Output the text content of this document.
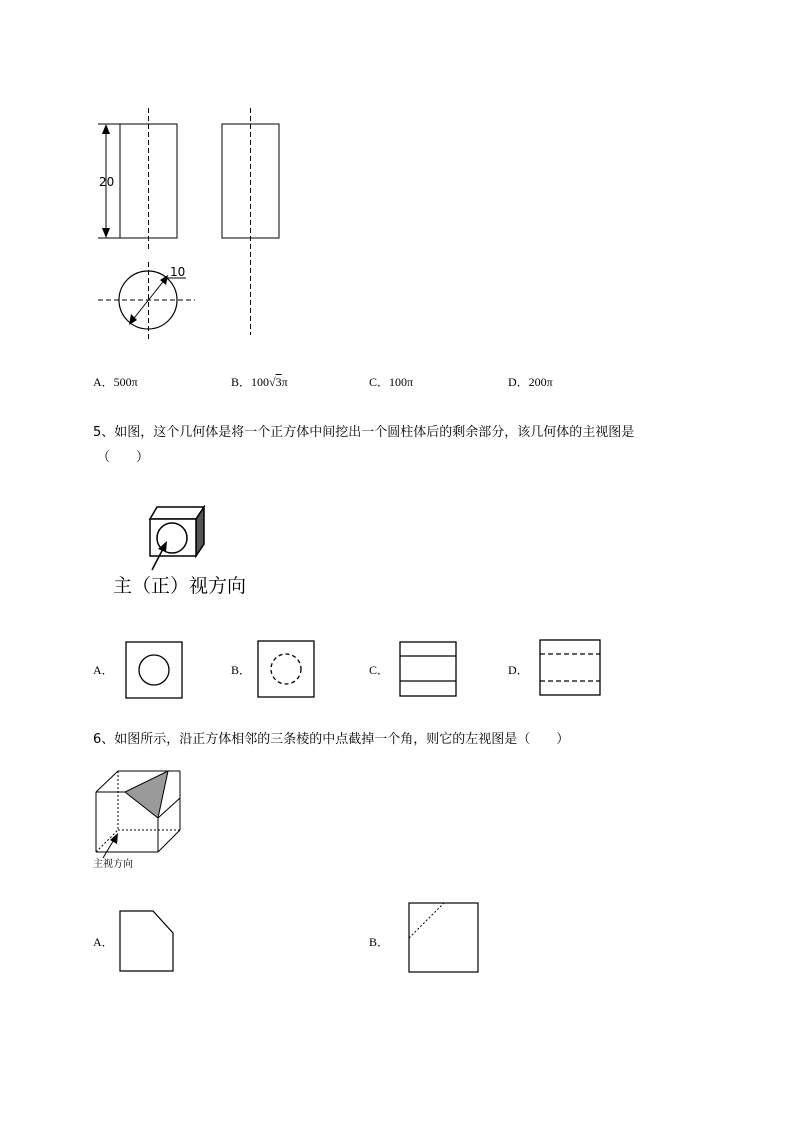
20
10
A．500π	B．100√3π	C．100π	D．200π
5、如图，这个几何体是将一个正方体中间挖出一个圆柱体后的剩余部分，该几何体的主视图是
（　　）
主（正）视方向
A．	B．	C．	D．
6、如图所示，沿正方体相邻的三条棱的中点截掉一个角，则它的左视图是（　　）
主视方向
A．	B．
